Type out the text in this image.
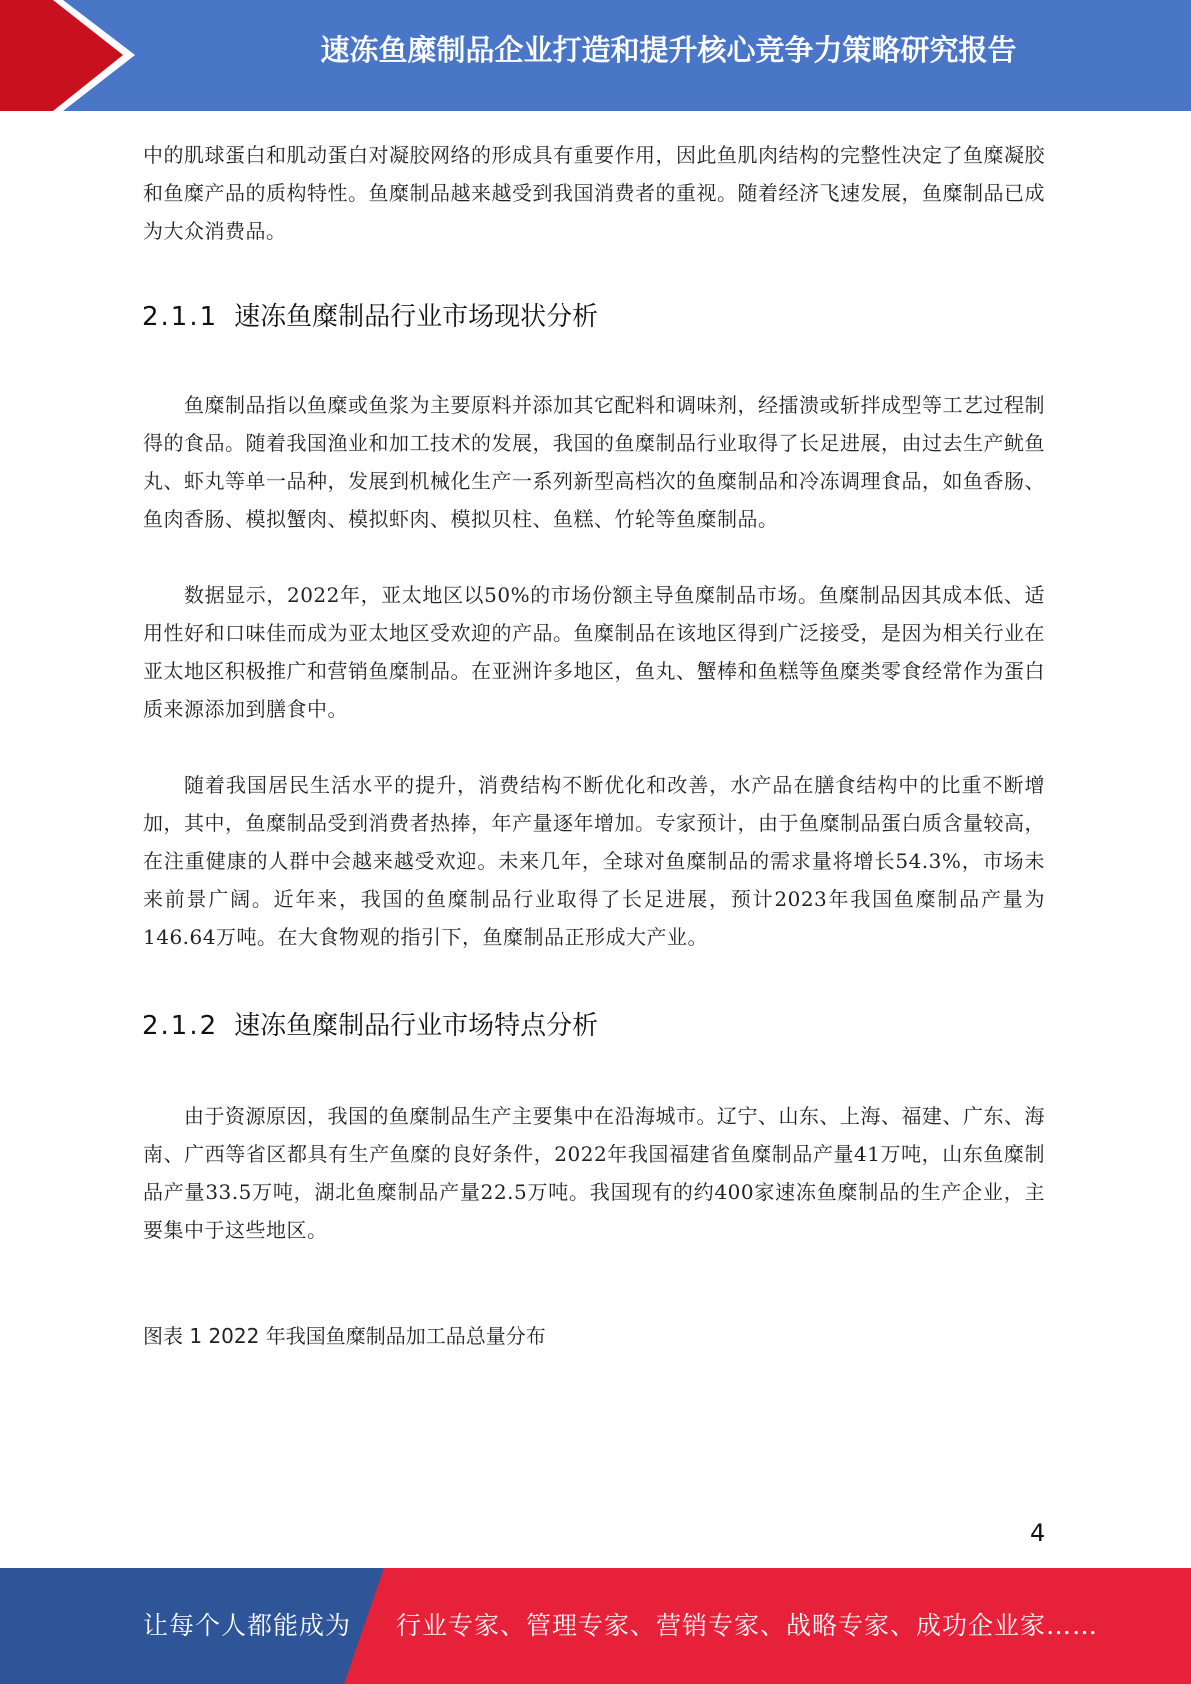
速冻鱼糜制品企业打造和提升核心竞争力策略研究报告

中的肌球蛋白和肌动蛋白对凝胶网络的形成具有重要作用，因此鱼肌肉结构的完整性决定了鱼糜凝胶和鱼糜产品的质构特性。鱼糜制品越来越受到我国消费者的重视。随着经济飞速发展，鱼糜制品已成为大众消费品。

2.1.1 速冻鱼糜制品行业市场现状分析

鱼糜制品指以鱼糜或鱼浆为主要原料并添加其它配料和调味剂，经擂溃或斩拌成型等工艺过程制得的食品。随着我国渔业和加工技术的发展，我国的鱼糜制品行业取得了长足进展，由过去生产鱿鱼丸、虾丸等单一品种，发展到机械化生产一系列新型高档次的鱼糜制品和冷冻调理食品，如鱼香肠、鱼肉香肠、模拟蟹肉、模拟虾肉、模拟贝柱、鱼糕、竹轮等鱼糜制品。

数据显示，2022年，亚太地区以50%的市场份额主导鱼糜制品市场。鱼糜制品因其成本低、适用性好和口味佳而成为亚太地区受欢迎的产品。鱼糜制品在该地区得到广泛接受，是因为相关行业在亚太地区积极推广和营销鱼糜制品。在亚洲许多地区，鱼丸、蟹棒和鱼糕等鱼糜类零食经常作为蛋白质来源添加到膳食中。

随着我国居民生活水平的提升，消费结构不断优化和改善，水产品在膳食结构中的比重不断增加，其中，鱼糜制品受到消费者热捧，年产量逐年增加。专家预计，由于鱼糜制品蛋白质含量较高，在注重健康的人群中会越来越受欢迎。未来几年，全球对鱼糜制品的需求量将增长54.3%，市场未来前景广阔。近年来，我国的鱼糜制品行业取得了长足进展，预计2023年我国鱼糜制品产量为146.64万吨。在大食物观的指引下，鱼糜制品正形成大产业。

2.1.2 速冻鱼糜制品行业市场特点分析

由于资源原因，我国的鱼糜制品生产主要集中在沿海城市。辽宁、山东、上海、福建、广东、海南、广西等省区都具有生产鱼糜的良好条件，2022年我国福建省鱼糜制品产量41万吨，山东鱼糜制品产量33.5万吨，湖北鱼糜制品产量22.5万吨。我国现有的约400家速冻鱼糜制品的生产企业，主要集中于这些地区。

图表 1 2022 年我国鱼糜制品加工品总量分布
4
让每个人都能成为 行业专家、管理专家、营销专家、战略专家、成功企业家……
